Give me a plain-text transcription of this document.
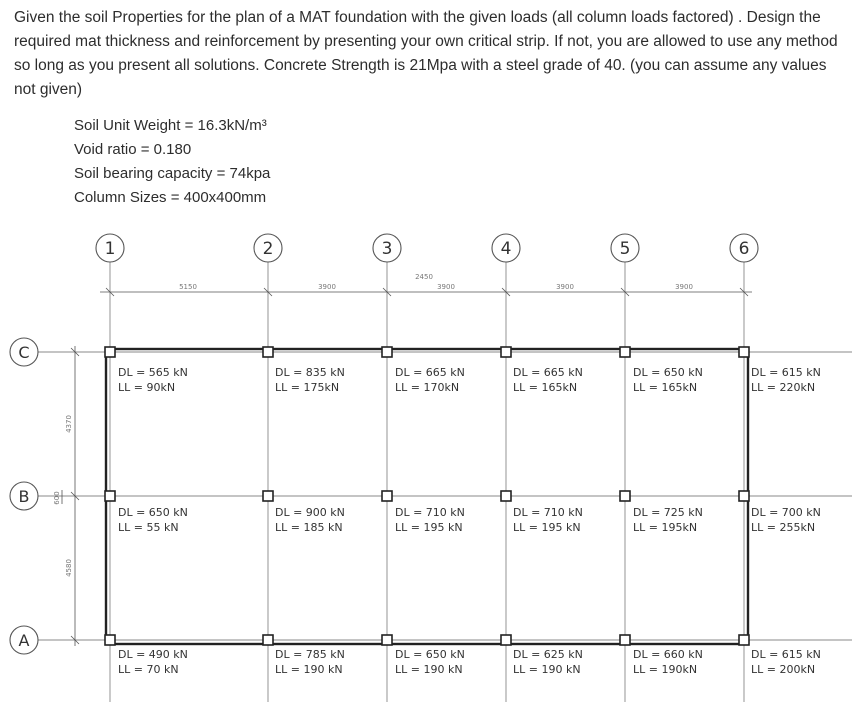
Given the soil Properties for the plan of a MAT foundation with the given loads (all column loads factored) . Design the required mat thickness and reinforcement by presenting your own critical strip. If not, you are allowed to use any method so long as you present all solutions. Concrete Strength is 21Mpa with a steel grade of 40. (you can assume any values not given)

Soil Unit Weight = 16.3kN/m³
Void ratio = 0.180
Soil bearing capacity = 74kpa
Column Sizes = 400x400mm
1	2	3	4	5	6
C
B
A
5150	3900	3900	3900	3900
2450
4370
4580
600
DL = 565 kN
LL = 90kN
DL = 835 kN
LL = 175kN
DL = 665 kN
LL = 170kN
DL = 665 kN
LL = 165kN
DL = 650 kN
LL = 165kN
DL = 615 kN
LL = 220kN
DL = 650 kN
LL = 55 kN
DL = 900 kN
LL = 185 kN
DL = 710 kN
LL = 195 kN
DL = 710 kN
LL = 195 kN
DL = 725 kN
LL = 195kN
DL = 700 kN
LL = 255kN
DL = 490 kN
LL = 70 kN
DL = 785 kN
LL = 190 kN
DL = 650 kN
LL = 190 kN
DL = 625 kN
LL = 190 kN
DL = 660 kN
LL = 190kN
DL = 615 kN
LL = 200kN
